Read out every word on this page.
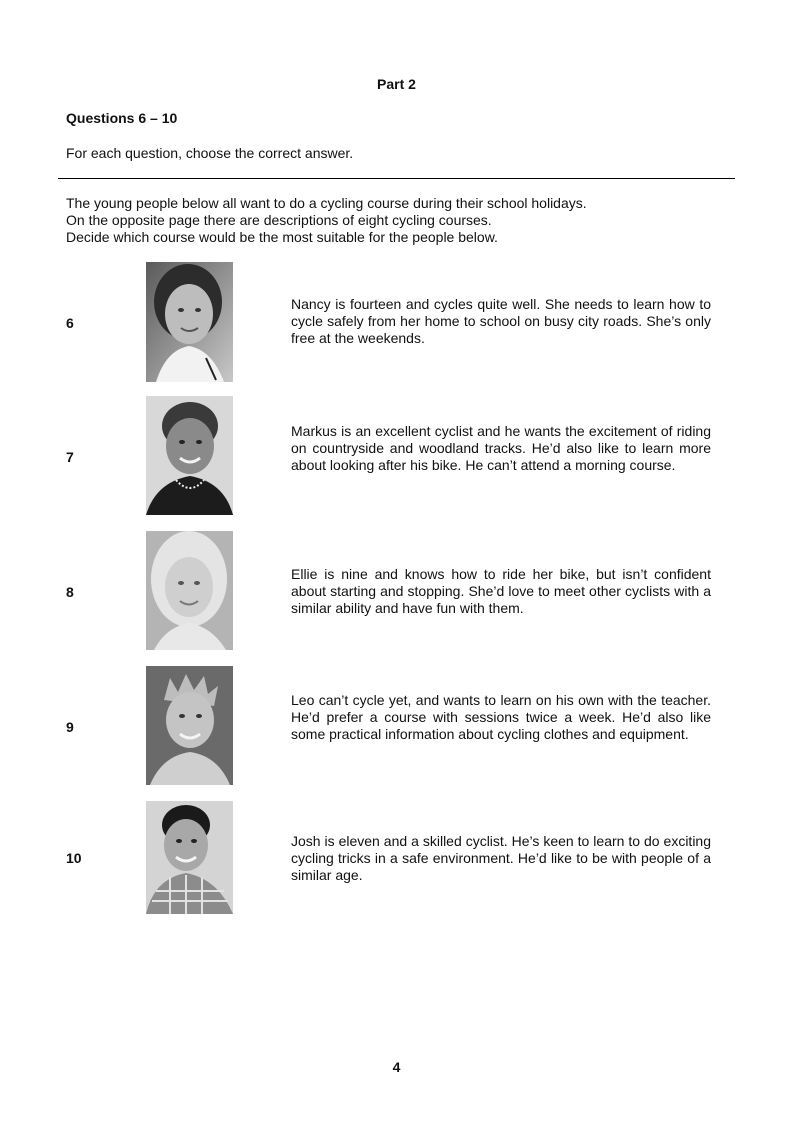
Part 2
Questions 6 – 10
For each question, choose the correct answer.
The young people below all want to do a cycling course during their school holidays.
On the opposite page there are descriptions of eight cycling courses.
Decide which course would be the most suitable for the people below.
6
Nancy is fourteen and cycles quite well. She needs to learn how to cycle safely from her home to school on busy city roads. She’s only free at the weekends.
7
Markus is an excellent cyclist and he wants the excitement of riding on countryside and woodland tracks. He’d also like to learn more about looking after his bike. He can’t attend a morning course.
8
Ellie is nine and knows how to ride her bike, but isn’t confident about starting and stopping. She’d love to meet other cyclists with a similar ability and have fun with them.
9
Leo can’t cycle yet, and wants to learn on his own with the teacher. He’d prefer a course with sessions twice a week. He’d also like some practical information about cycling clothes and equipment.
10
Josh is eleven and a skilled cyclist. He’s keen to learn to do exciting cycling tricks in a safe environment. He’d like to be with people of a similar age.
4
